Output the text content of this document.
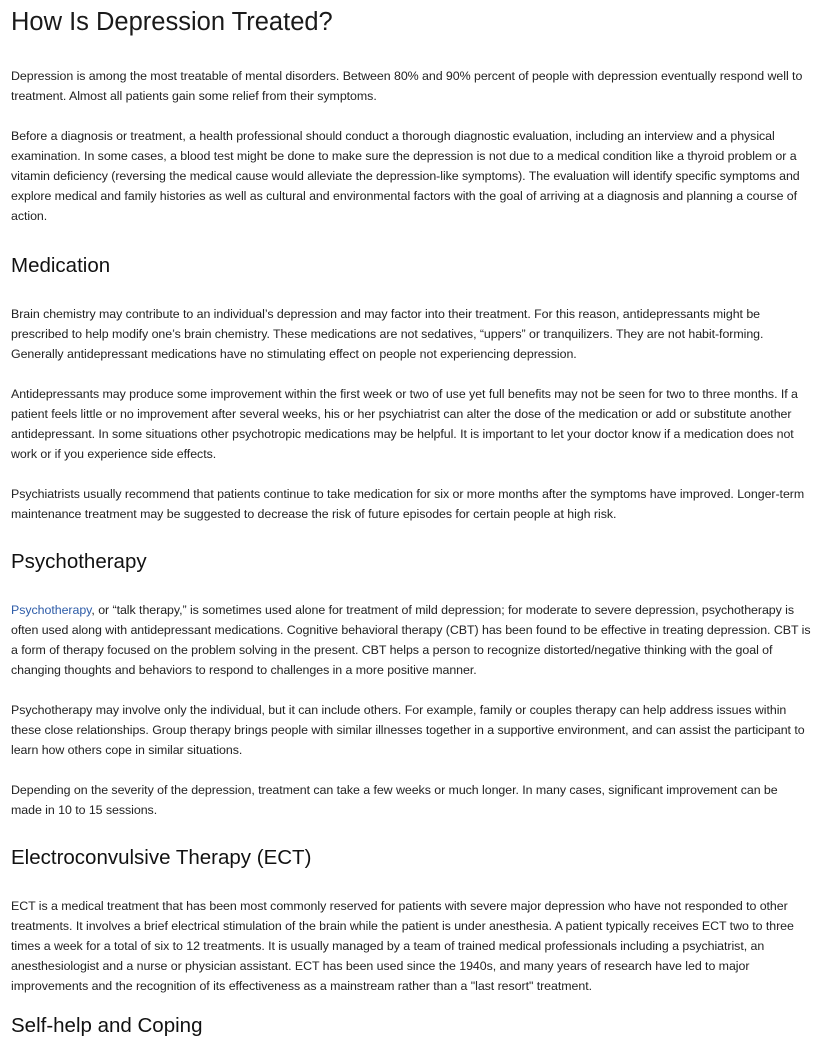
How Is Depression Treated?

Depression is among the most treatable of mental disorders. Between 80% and 90% percent of people with depression eventually respond well to treatment. Almost all patients gain some relief from their symptoms.

Before a diagnosis or treatment, a health professional should conduct a thorough diagnostic evaluation, including an interview and a physical examination. In some cases, a blood test might be done to make sure the depression is not due to a medical condition like a thyroid problem or a vitamin deficiency (reversing the medical cause would alleviate the depression-like symptoms). The evaluation will identify specific symptoms and explore medical and family histories as well as cultural and environmental factors with the goal of arriving at a diagnosis and planning a course of action.

Medication

Brain chemistry may contribute to an individual’s depression and may factor into their treatment. For this reason, antidepressants might be prescribed to help modify one’s brain chemistry. These medications are not sedatives, “uppers” or tranquilizers. They are not habit-forming. Generally antidepressant medications have no stimulating effect on people not experiencing depression.

Antidepressants may produce some improvement within the first week or two of use yet full benefits may not be seen for two to three months. If a patient feels little or no improvement after several weeks, his or her psychiatrist can alter the dose of the medication or add or substitute another antidepressant. In some situations other psychotropic medications may be helpful. It is important to let your doctor know if a medication does not work or if you experience side effects.

Psychiatrists usually recommend that patients continue to take medication for six or more months after the symptoms have improved. Longer-term maintenance treatment may be suggested to decrease the risk of future episodes for certain people at high risk.

Psychotherapy

Psychotherapy, or “talk therapy,” is sometimes used alone for treatment of mild depression; for moderate to severe depression, psychotherapy is often used along with antidepressant medications. Cognitive behavioral therapy (CBT) has been found to be effective in treating depression. CBT is a form of therapy focused on the problem solving in the present. CBT helps a person to recognize distorted/negative thinking with the goal of changing thoughts and behaviors to respond to challenges in a more positive manner.

Psychotherapy may involve only the individual, but it can include others. For example, family or couples therapy can help address issues within these close relationships. Group therapy brings people with similar illnesses together in a supportive environment, and can assist the participant to learn how others cope in similar situations.

Depending on the severity of the depression, treatment can take a few weeks or much longer. In many cases, significant improvement can be made in 10 to 15 sessions.

Electroconvulsive Therapy (ECT)

ECT is a medical treatment that has been most commonly reserved for patients with severe major depression who have not responded to other treatments. It involves a brief electrical stimulation of the brain while the patient is under anesthesia. A patient typically receives ECT two to three times a week for a total of six to 12 treatments. It is usually managed by a team of trained medical professionals including a psychiatrist, an anesthesiologist and a nurse or physician assistant. ECT has been used since the 1940s, and many years of research have led to major improvements and the recognition of its effectiveness as a mainstream rather than a "last resort" treatment.

Self-help and Coping
